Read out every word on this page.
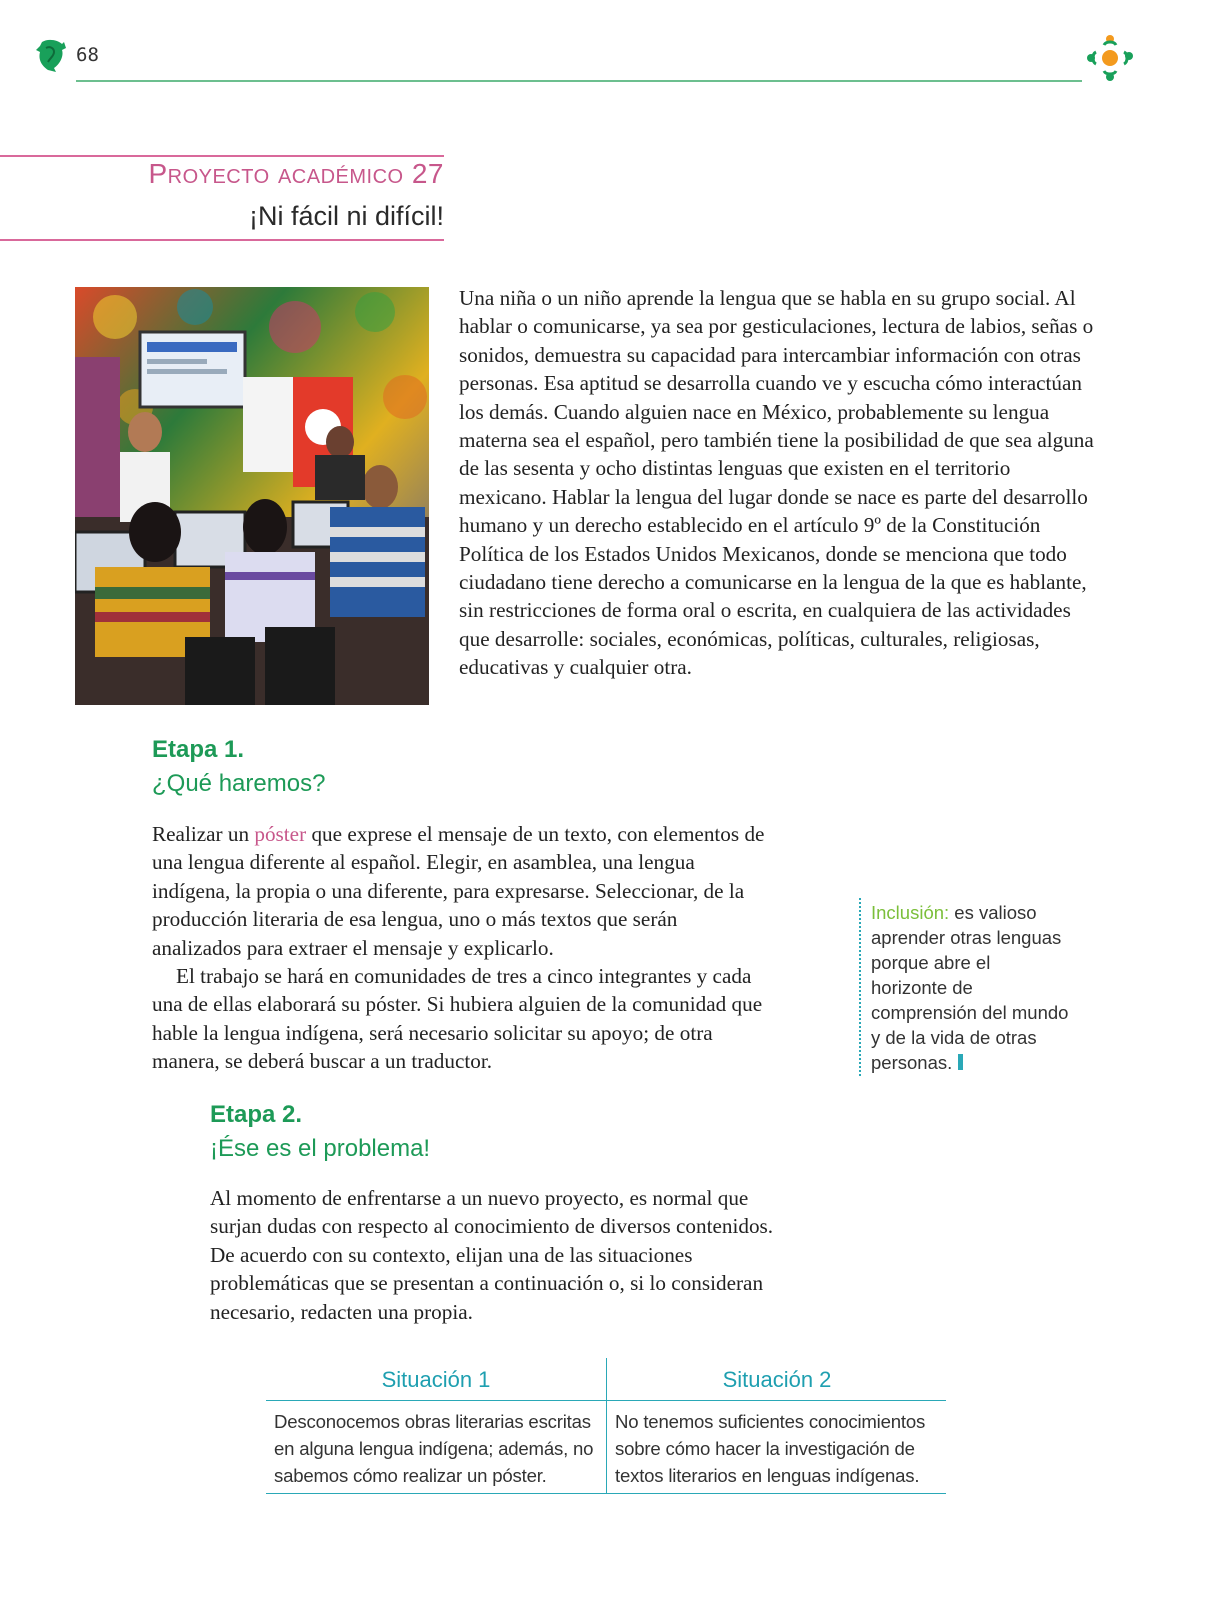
68
Proyecto académico 27
¡Ni fácil ni difícil!
Una niña o un niño aprende la lengua que se habla en su grupo social. Al hablar o comunicarse, ya sea por gesticulaciones, lectura de labios, señas o sonidos, demuestra su capacidad para intercambiar información con otras personas. Esa aptitud se desarrolla cuando ve y escucha cómo interactúan los demás. Cuando alguien nace en México, probablemente su lengua materna sea el español, pero también tiene la posibilidad de que sea alguna de las sesenta y ocho distintas lenguas que existen en el territorio mexicano. Hablar la lengua del lugar donde se nace es parte del desarrollo humano y un derecho establecido en el artículo 9º de la Constitución Política de los Estados Unidos Mexicanos, donde se menciona que todo ciudadano tiene derecho a comunicarse en la lengua de la que es hablante, sin restricciones de forma oral o escrita, en cualquiera de las actividades que desarrolle: sociales, económicas, políticas, culturales, religiosas, educativas y cualquier otra.
Etapa 1.
¿Qué haremos?
Realizar un póster que exprese el mensaje de un texto, con elementos de una lengua diferente al español. Elegir, en asamblea, una lengua indígena, la propia o una diferente, para expresarse. Seleccionar, de la producción literaria de esa lengua, uno o más textos que serán analizados para extraer el mensaje y explicarlo.
El trabajo se hará en comunidades de tres a cinco integrantes y cada una de ellas elaborará su póster. Si hubiera alguien de la comunidad que hable la lengua indígena, será necesario solicitar su apoyo; de otra manera, se deberá buscar a un traductor.
Inclusión: es valioso aprender otras lenguas porque abre el horizonte de comprensión del mundo y de la vida de otras personas.
Etapa 2.
¡Ése es el problema!
Al momento de enfrentarse a un nuevo proyecto, es normal que surjan dudas con respecto al conocimiento de diversos contenidos. De acuerdo con su contexto, elijan una de las situaciones problemáticas que se presentan a continuación o, si lo consideran necesario, redacten una propia.
Situación 1	Situación 2
Desconocemos obras literarias escritas en alguna lengua indígena; además, no sabemos cómo realizar un póster.
No tenemos suficientes conocimientos sobre cómo hacer la investigación de textos literarios en lenguas indígenas.
